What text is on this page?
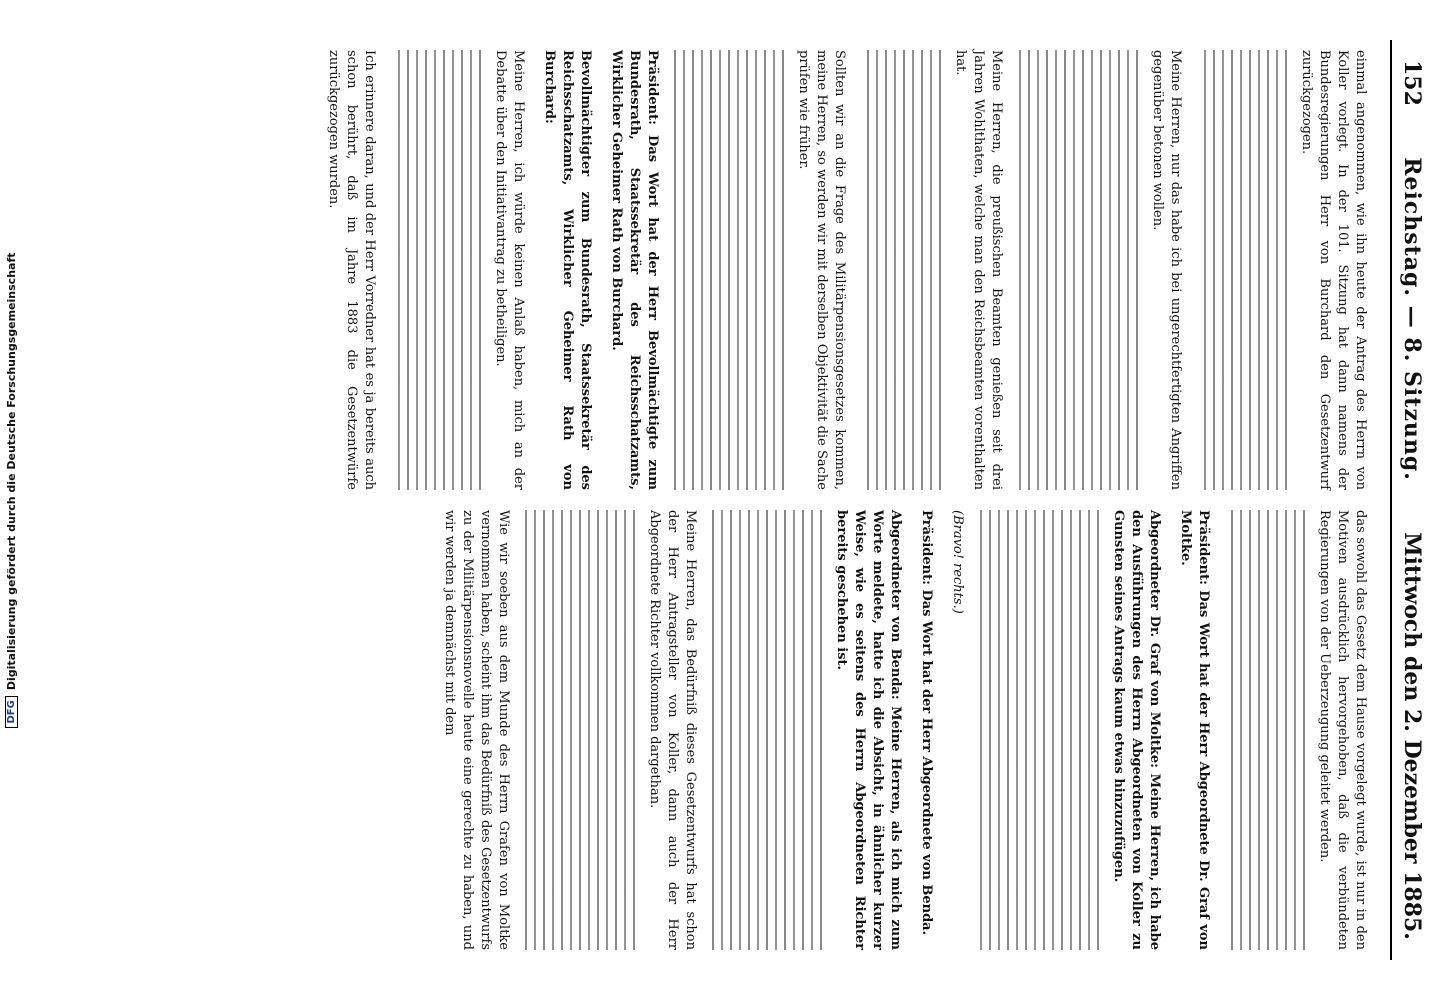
DFG
Digitalisierung gefördert durch die Deutsche Forschungsgemeinschaft
152
Reichstag. — 8. Sitzung.
Mittwoch den 2. Dezember 1885.

einmal angenommen, wie ihn heute der Antrag des Herrn von Koller vorlegt. In der 101. Sitzung hat dann namens der Bundesregierungen Herr von Burchard den Gesetzentwurf zurückgezogen.

Meine Herren, nur das habe ich bei ungerechtfertigten Angriffen gegenüber betonen wollen.

Meine Herren, die preußischen Beamten genießen seit drei Jahren Wohlthaten, welche man den Reichsbeamten vorenthalten hat.

Sollten wir an die Frage des Militärpensionsgesetzes kommen, meine Herren, so werden wir mit derselben Objektivität die Sache prüfen wie früher.

Präsident: Das Wort hat der Herr Bevollmächtigte zum Bundesrath, Staatssekretär des Reichsschatzamts, Wirklicher Geheimer Rath von Burchard.

Bevollmächtigter zum Bundesrath, Staatssekretär des Reichsschatzamts, Wirklicher Geheimer Rath von Burchard:

Meine Herren, ich würde keinen Anlaß haben, mich an der Debatte über den Initiativantrag zu betheiligen.

Ich erinnere daran, und der Herr Vorredner hat es ja bereits auch schon berührt, daß im Jahre 1883 die Gesetzentwürfe zurückgezogen wurden.

das sowohl das Gesetz dem Hause vorgelegt wurde, ist nur in den Motiven ausdrücklich hervorgehoben, daß die verbündeten Regierungen von der Ueberzeugung geleitet werden.

Präsident: Das Wort hat der Herr Abgeordnete Dr. Graf von Moltke.

Abgeordneter Dr. Graf von Moltke: Meine Herren, ich habe den Ausführungen des Herrn Abgeordneten von Koller zu Gunsten seines Antrags kaum etwas hinzuzufügen.

(Bravo! rechts.)

Präsident: Das Wort hat der Herr Abgeordnete von Benda.

Abgeordneter von Benda: Meine Herren, als ich mich zum Worte meldete, hatte ich die Absicht, in ähnlicher kurzer Weise, wie es seitens des Herrn Abgeordneten Richter bereits geschehen ist.

Meine Herren, das Bedürfniß dieses Gesetzentwurfs hat schon der Herr Antragsteller von Koller, dann auch der Herr Abgeordnete Richter vollkommen dargethan.

Wie wir soeben aus dem Munde des Herrn Grafen von Moltke vernommen haben, scheint ihm das Bedürfniß des Gesetzentwurfs zu der Militärpensionsnovelle heute eine gerechte zu haben, und wir werden ja demnächst mit dem
